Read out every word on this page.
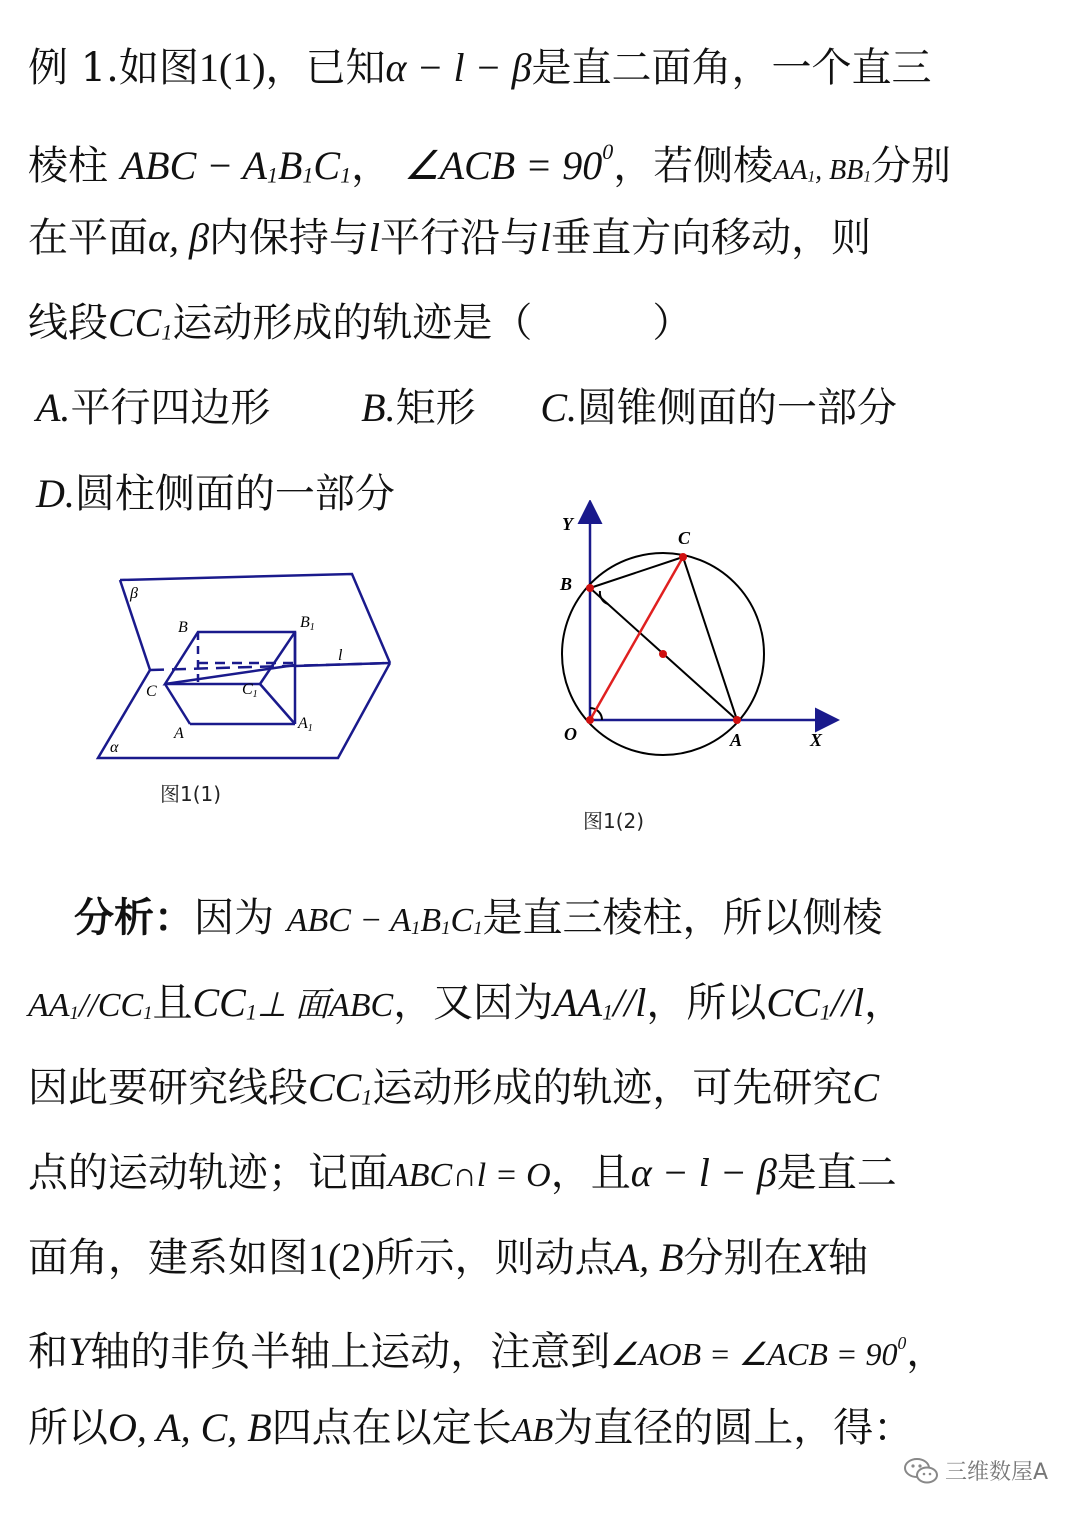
例 1.如图1(1)，已知α − l − β是直二面角，一个直三
棱柱 ABC − $A_1B_1C_1$， ∠ACB = $90^0$，若侧棱$AA_1$, $BB_1$分别
在平面α, β内保持与l平行沿与l垂直方向移动，则
线段$CC_1$运动形成的轨迹是（　　　）
A.平行四边形 B.矩形 C.圆锥侧面的一部分
D.圆柱侧面的一部分
β
α
l
B	B1
C	C1
A
A1
图1(1)
Y
X
O	A
B
C
图1(2)
分析：因为 ABC − $A_1B_1C_1$是直三棱柱，所以侧棱
$AA_1//CC_1$且$CC_1\perp$ 面ABC，又因为$AA_1//l$，所以$CC_1//l$，
因此要研究线段$CC_1$运动形成的轨迹，可先研究C
点的运动轨迹；记面ABC∩l = O，且α − l − β是直二
面角，建系如图1(2)所示，则动点A, B分别在X轴
和Y轴的非负半轴上运动，注意到∠AOB = ∠ACB = $90^0$，
所以O, A, C, B四点在以定长AB为直径的圆上，得：
三维数屋A
